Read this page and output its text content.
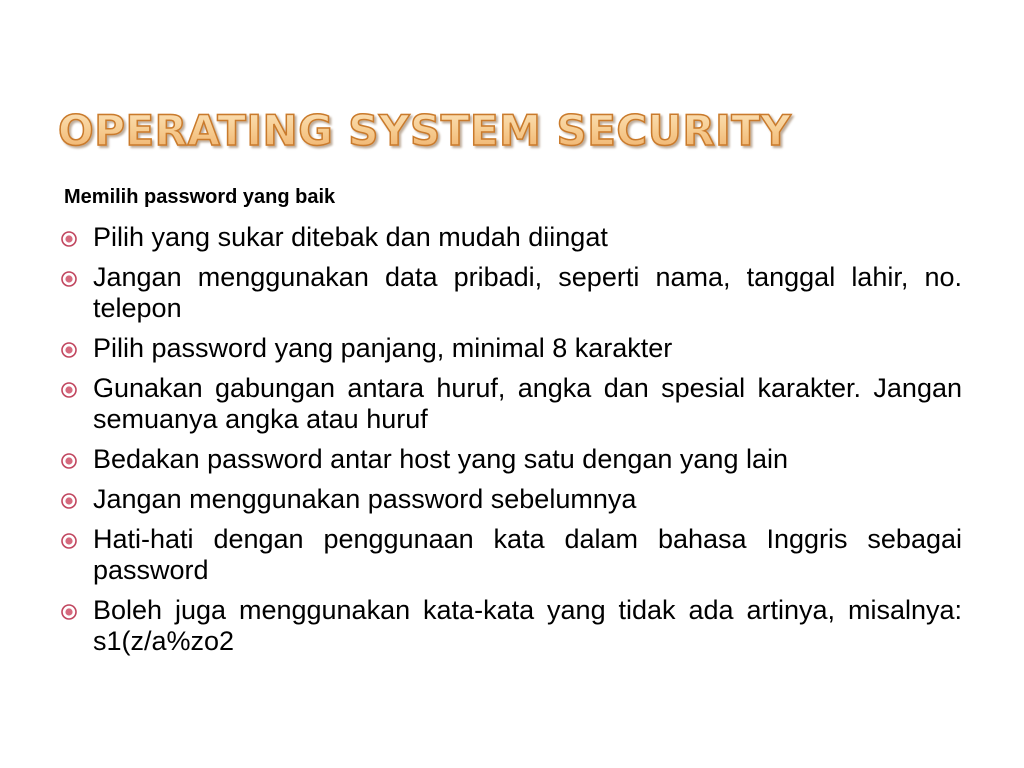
OPERATING SYSTEM SECURITY

Memilih password yang baik

Pilih yang sukar ditebak dan mudah diingat
Jangan menggunakan data pribadi, seperti nama, tanggal lahir, no. telepon
Pilih password yang panjang, minimal 8 karakter
Gunakan gabungan antara huruf, angka dan spesial karakter. Jangan semuanya angka atau huruf
Bedakan password antar host yang satu dengan yang lain
Jangan menggunakan password sebelumnya
Hati-hati dengan penggunaan kata dalam bahasa Inggris sebagai password
Boleh juga menggunakan kata-kata yang tidak ada artinya, misalnya: s1(z/a%zo2
